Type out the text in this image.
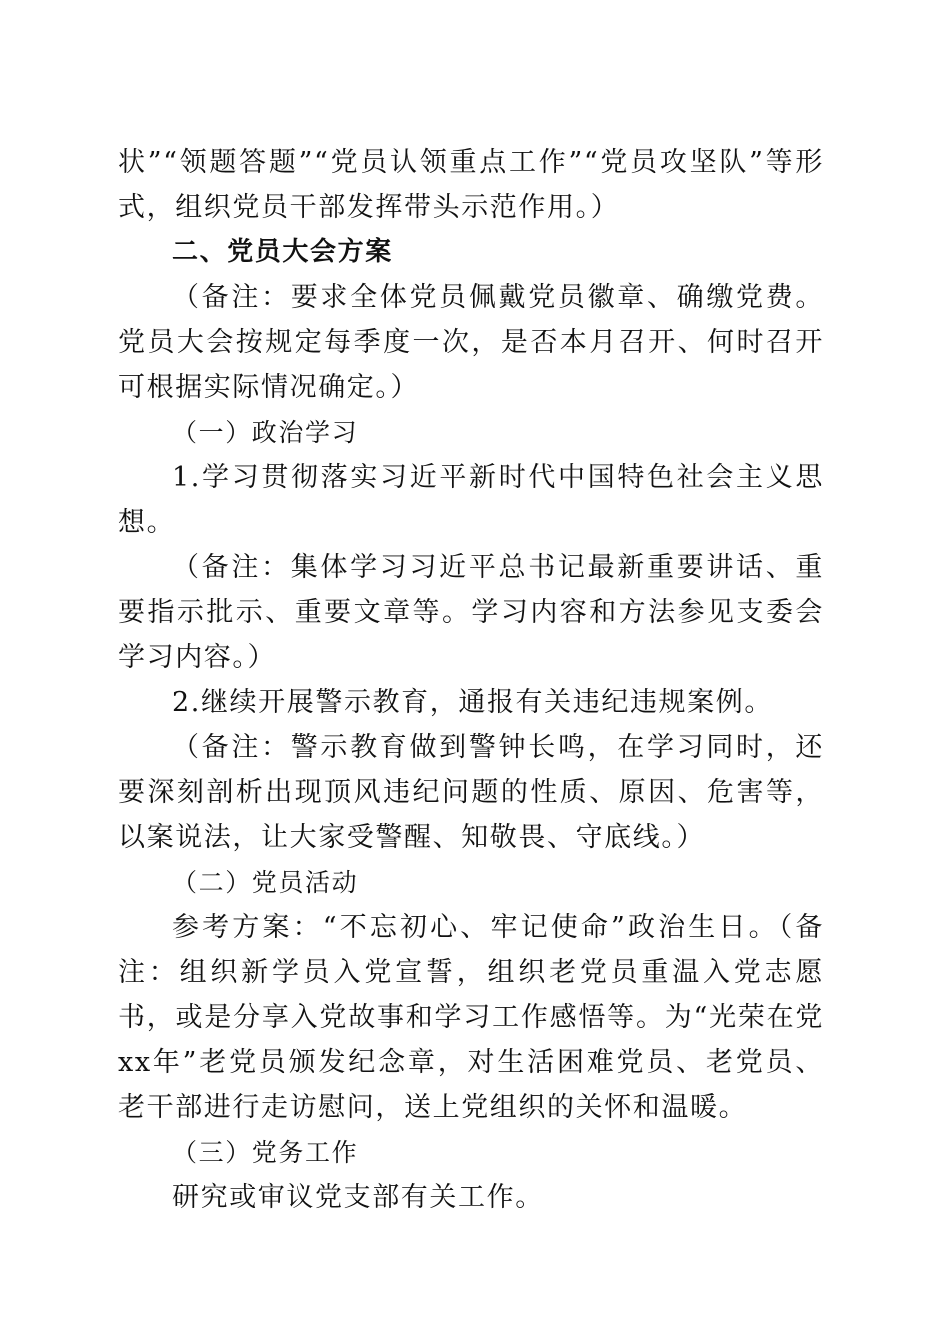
状”“领题答题”“党员认领重点工作”“党员攻坚队”等形式，组织党员干部发挥带头示范作用。）

二、党员大会方案

（备注：要求全体党员佩戴党员徽章、确缴党费。党员大会按规定每季度一次，是否本月召开、何时召开可根据实际情况确定。）

（一）政治学习

1.学习贯彻落实习近平新时代中国特色社会主义思想。

（备注：集体学习习近平总书记最新重要讲话、重要指示批示、重要文章等。学习内容和方法参见支委会学习内容。）

2.继续开展警示教育，通报有关违纪违规案例。

（备注：警示教育做到警钟长鸣，在学习同时，还要深刻剖析出现顶风违纪问题的性质、原因、危害等，以案说法，让大家受警醒、知敬畏、守底线。）

（二）党员活动

参考方案：“不忘初心、牢记使命”政治生日。（备注：组织新学员入党宣誓，组织老党员重温入党志愿书，或是分享入党故事和学习工作感悟等。为“光荣在党xx年”老党员颁发纪念章，对生活困难党员、老党员、老干部进行走访慰问，送上党组织的关怀和温暖。

（三）党务工作

研究或审议党支部有关工作。
